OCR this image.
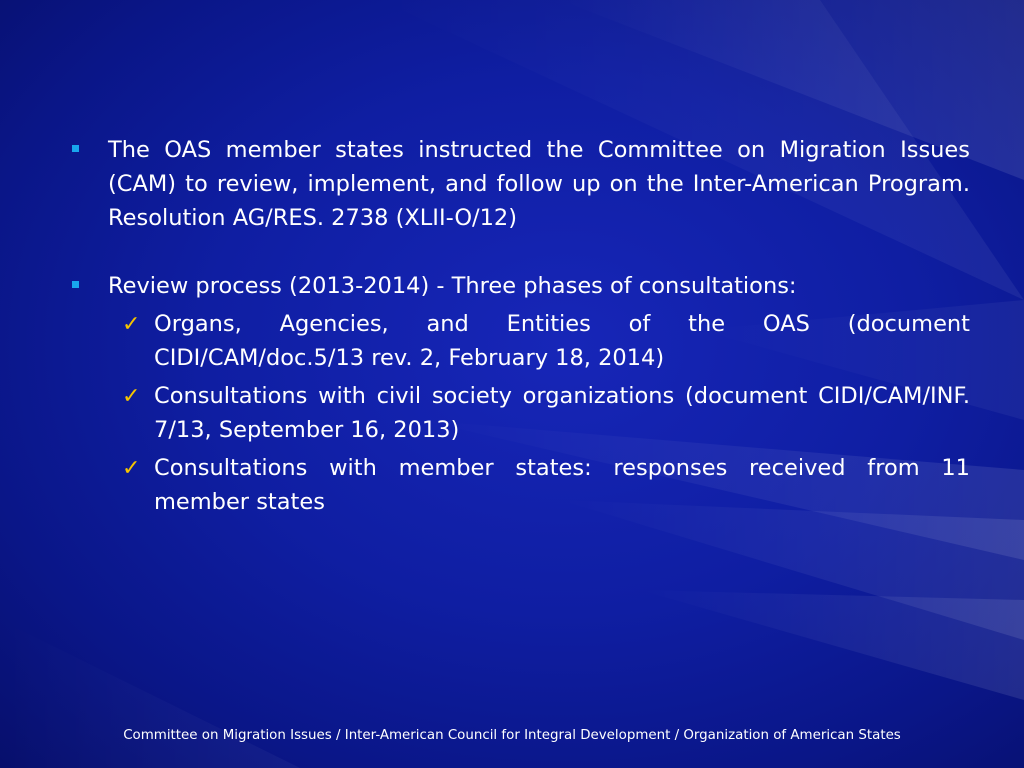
The OAS member states instructed the Committee on Migration Issues (CAM) to review, implement, and follow up on the Inter-American Program. Resolution AG/RES. 2738 (XLII-O/12)
Review process (2013-2014) - Three phases of consultations:
✓ Organs, Agencies, and Entities of the OAS (document CIDI/CAM/doc.5/13 rev. 2, February 18, 2014)
✓ Consultations with civil society organizations (document CIDI/CAM/INF. 7/13, September 16, 2013)
✓ Consultations with member states: responses received from 11 member states
Committee on Migration Issues / Inter-American Council for Integral Development / Organization of American States
